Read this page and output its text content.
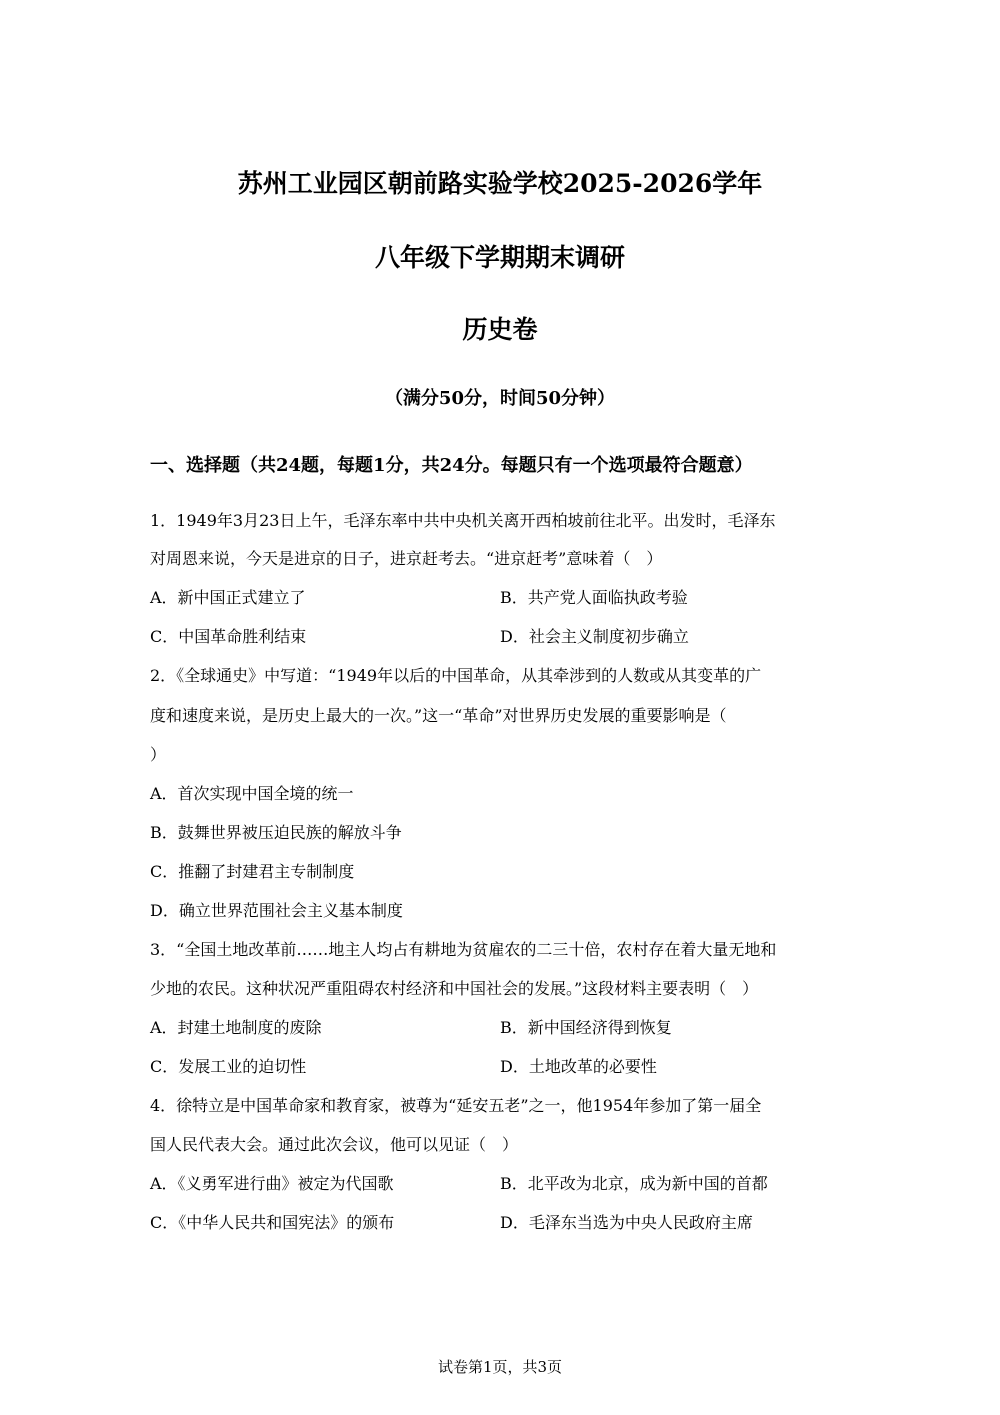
苏州工业园区朝前路实验学校2025-2026学年
八年级下学期期末调研
历史卷
（满分50分，时间50分钟）
一、选择题（共24题，每题1分，共24分。每题只有一个选项最符合题意）
1．1949年3月23日上午，毛泽东率中共中央机关离开西柏坡前往北平。出发时，毛泽东
对周恩来说，今天是进京的日子，进京赶考去。“进京赶考”意味着（　）
A．新中国正式建立了	B．共产党人面临执政考验
C．中国革命胜利结束	D．社会主义制度初步确立
2．《全球通史》中写道：“1949年以后的中国革命，从其牵涉到的人数或从其变革的广
度和速度来说，是历史上最大的一次。”这一“革命”对世界历史发展的重要影响是（
）
A．首次实现中国全境的统一
B．鼓舞世界被压迫民族的解放斗争
C．推翻了封建君主专制制度
D．确立世界范围社会主义基本制度
3．“全国土地改革前……地主人均占有耕地为贫雇农的二三十倍，农村存在着大量无地和
少地的农民。这种状况严重阻碍农村经济和中国社会的发展。”这段材料主要表明（　）
A．封建土地制度的废除	B．新中国经济得到恢复
C．发展工业的迫切性	D．土地改革的必要性
4．徐特立是中国革命家和教育家，被尊为“延安五老”之一，他1954年参加了第一届全
国人民代表大会。通过此次会议，他可以见证（　）
A．《义勇军进行曲》被定为代国歌	B．北平改为北京，成为新中国的首都
C．《中华人民共和国宪法》的颁布	D．毛泽东当选为中央人民政府主席
试卷第1页，共3页
